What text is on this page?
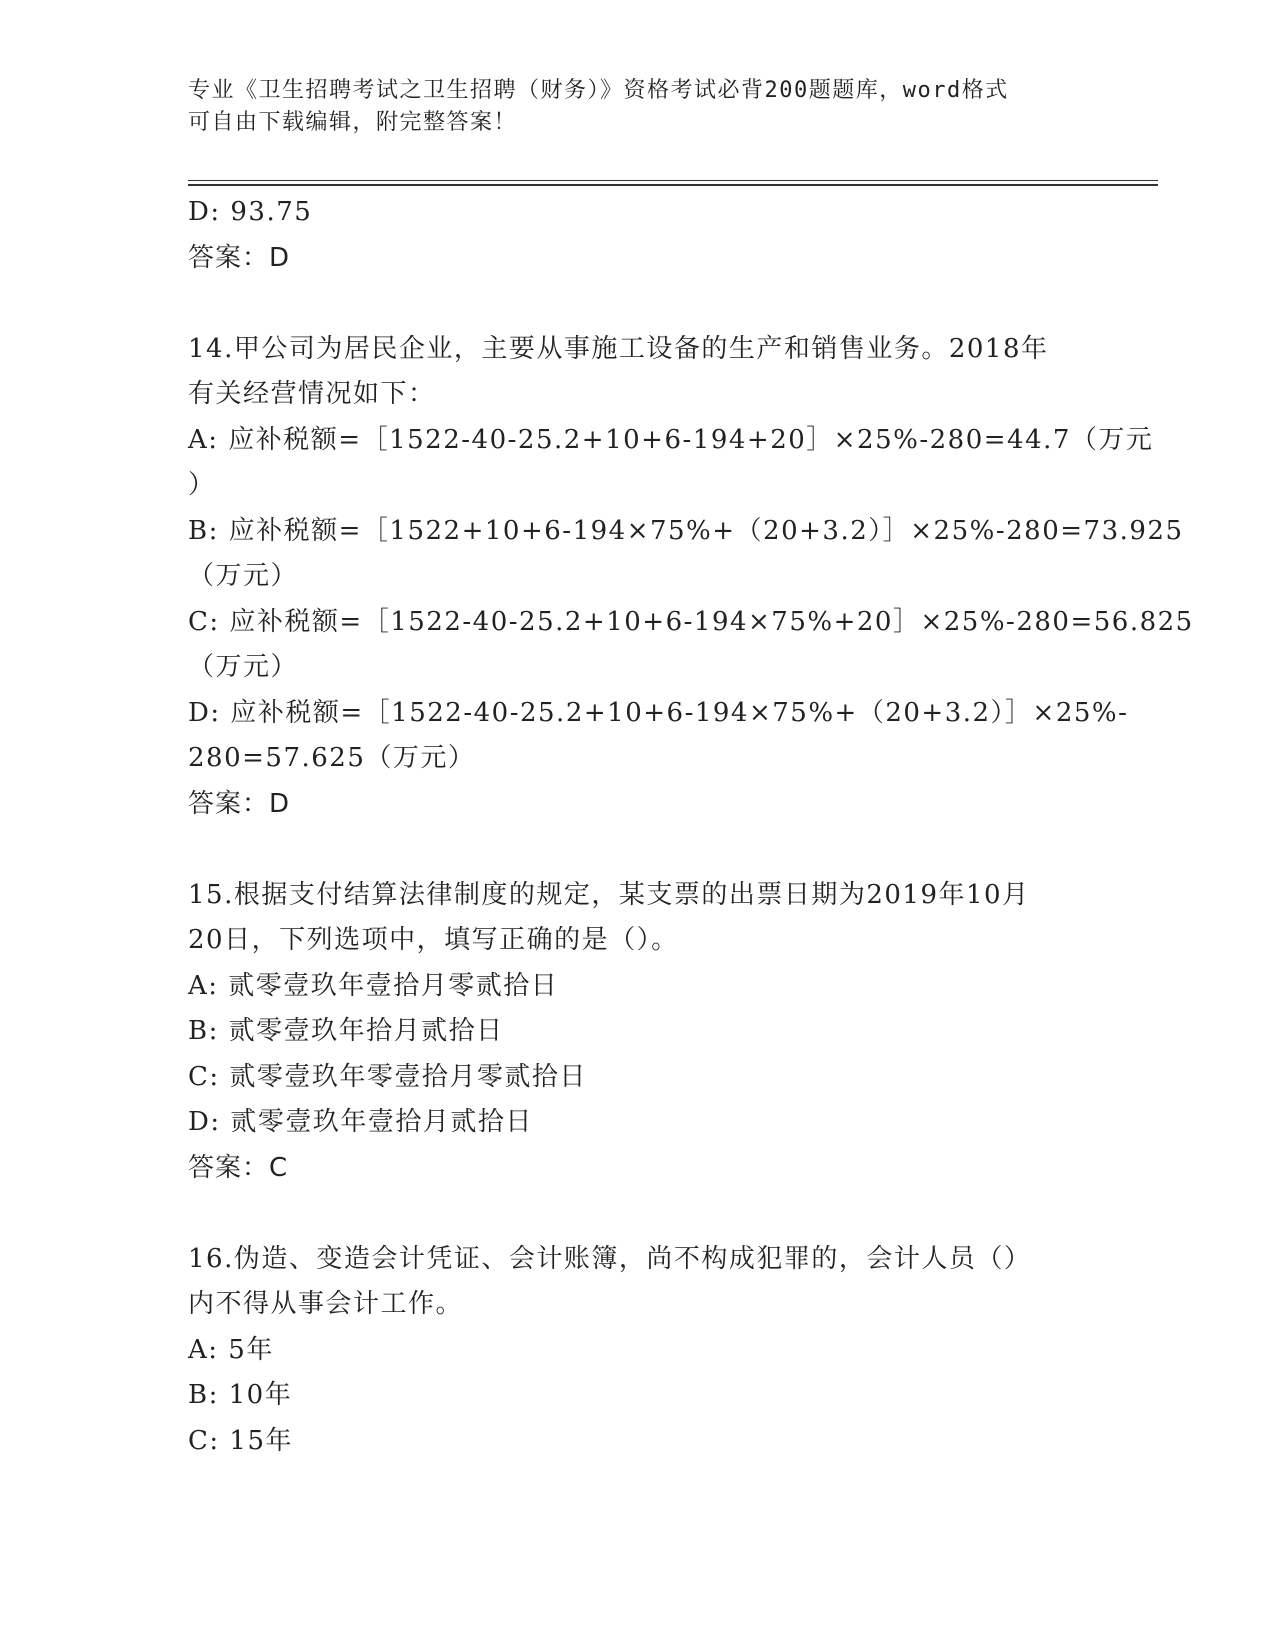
专业《卫生招聘考试之卫生招聘（财务）》资格考试必背200题题库，word格式
可自由下载编辑，附完整答案！
D: 93.75
答案：D
14.甲公司为居民企业，主要从事施工设备的生产和销售业务。2018年
有关经营情况如下：
A: 应补税额=［1522-40-25.2+10+6-194+20］×25%-280=44.7（万元
）
B: 应补税额=［1522+10+6-194×75%+（20+3.2）］×25%-280=73.925
（万元）
C: 应补税额=［1522-40-25.2+10+6-194×75%+20］×25%-280=56.825
（万元）
D: 应补税额=［1522-40-25.2+10+6-194×75%+（20+3.2）］×25%-
280=57.625（万元）
答案：D
15.根据支付结算法律制度的规定，某支票的出票日期为2019年10月
20日，下列选项中，填写正确的是（）。
A: 贰零壹玖年壹拾月零贰拾日
B: 贰零壹玖年拾月贰拾日
C: 贰零壹玖年零壹拾月零贰拾日
D: 贰零壹玖年壹拾月贰拾日
答案：C
16.伪造、变造会计凭证、会计账簿，尚不构成犯罪的，会计人员（）
内不得从事会计工作。
A: 5年
B: 10年
C: 15年
